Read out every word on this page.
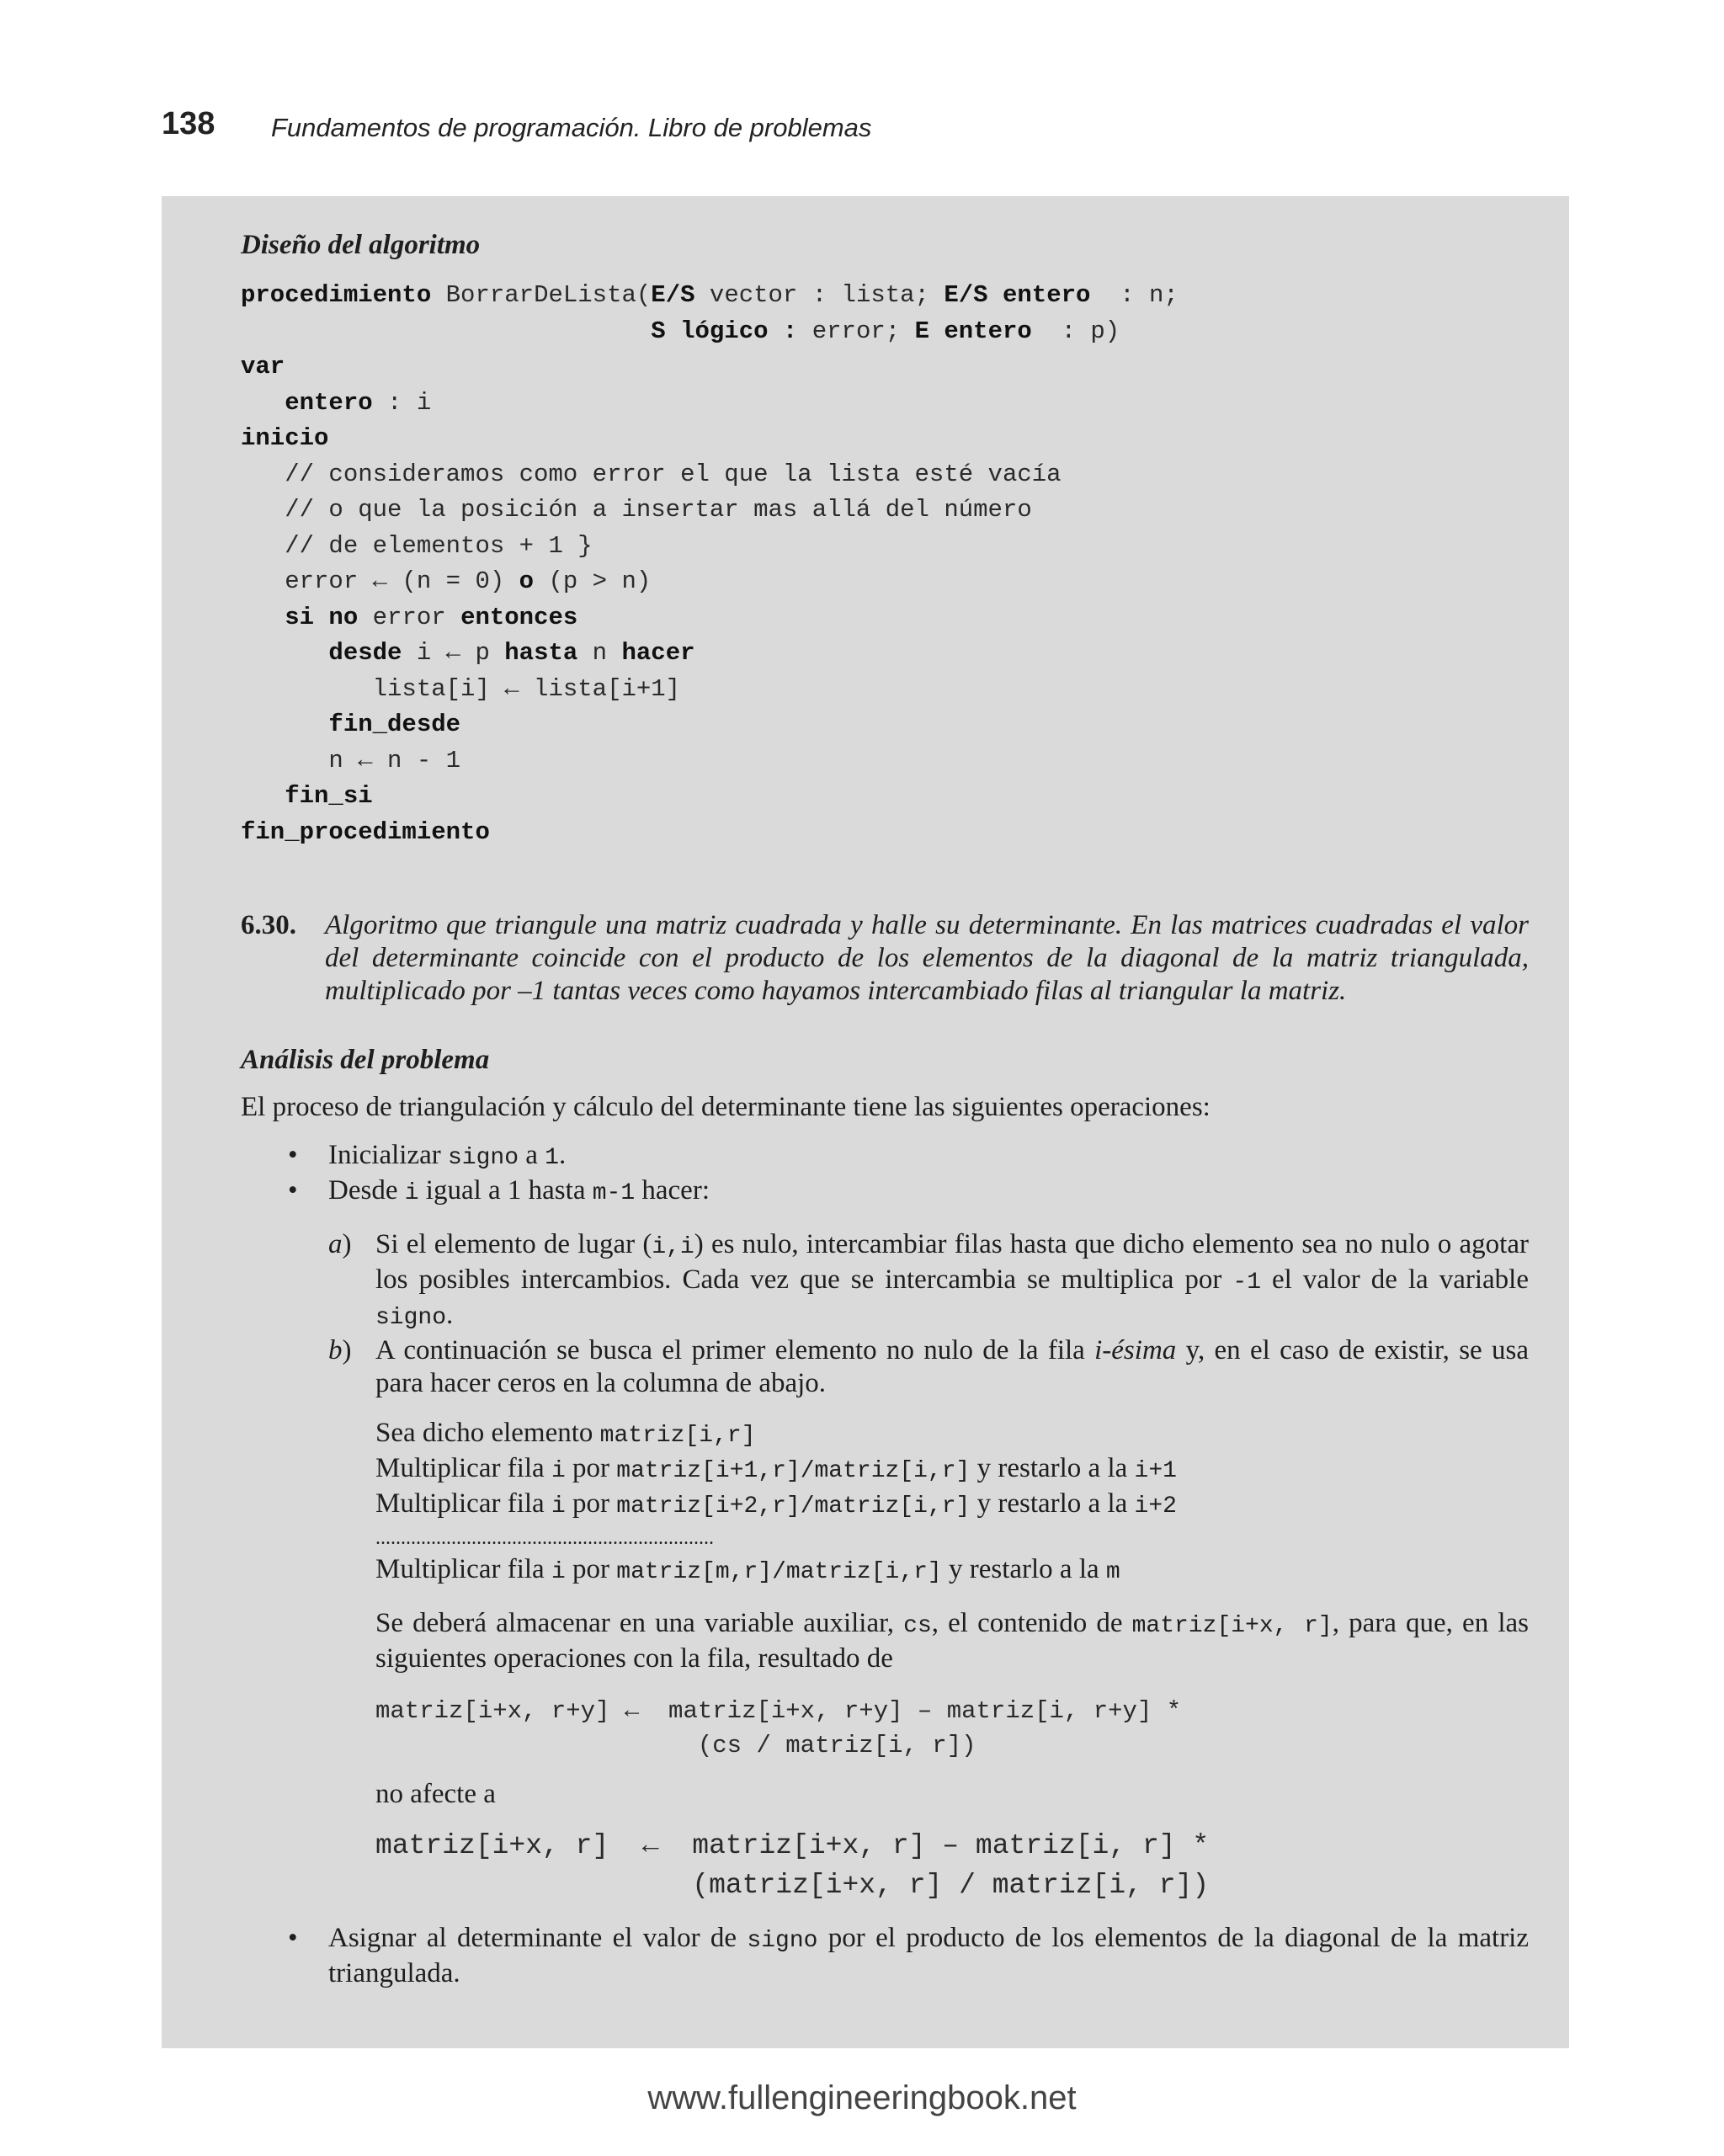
138 Fundamentos de programación. Libro de problemas

Diseño del algoritmo

procedimiento BorrarDeLista(E/S vector : lista; E/S entero  : n;
S lógico : error; E entero  : p)
var
entero : i
inicio
// consideramos como error el que la lista esté vacía
// o que la posición a insertar mas allá del número
// de elementos + 1 }
error ← (n = 0) o (p > n)
si no error entonces
desde i ← p hasta n hacer
lista[i] ← lista[i+1]
fin_desde
n ← n - 1
fin_si
fin_procedimiento
6.30. Algoritmo que triangule una matriz cuadrada y halle su determinante. En las matrices cuadradas el valor del determinante coincide con el producto de los elementos de la diagonal de la matriz triangulada, multiplicado por –1 tantas veces como hayamos intercambiado filas al triangular la matriz.

Análisis del problema

El proceso de triangulación y cálculo del determinante tiene las siguientes operaciones:

• Inicializar signo a 1.
• Desde i igual a 1 hasta m-1 hacer:
a) Si el elemento de lugar (i,i) es nulo, intercambiar filas hasta que dicho elemento sea no nulo o agotar los posibles intercambios. Cada vez que se intercambia se multiplica por -1 el valor de la variable signo.
b) A continuación se busca el primer elemento no nulo de la fila i-ésima y, en el caso de existir, se usa para hacer ceros en la columna de abajo.
Sea dicho elemento matriz[i,r]
Multiplicar fila i por matriz[i+1,r]/matriz[i,r] y restarlo a la i+1
Multiplicar fila i por matriz[i+2,r]/matriz[i,r] y restarlo a la i+2
...................................................................
Multiplicar fila i por matriz[m,r]/matriz[i,r] y restarlo a la m
Se deberá almacenar en una variable auxiliar, cs, el contenido de matriz[i+x, r], para que, en las siguientes operaciones con la fila, resultado de
matriz[i+x, r+y] ←  matriz[i+x, r+y] – matriz[i, r+y] *
(cs / matriz[i, r])
no afecte a
matriz[i+x, r]  ←  matriz[i+x, r] – matriz[i, r] *
(matriz[i+x, r] / matriz[i, r])
• Asignar al determinante el valor de signo por el producto de los elementos de la diagonal de la matriz triangulada.
www.fullengineeringbook.net
